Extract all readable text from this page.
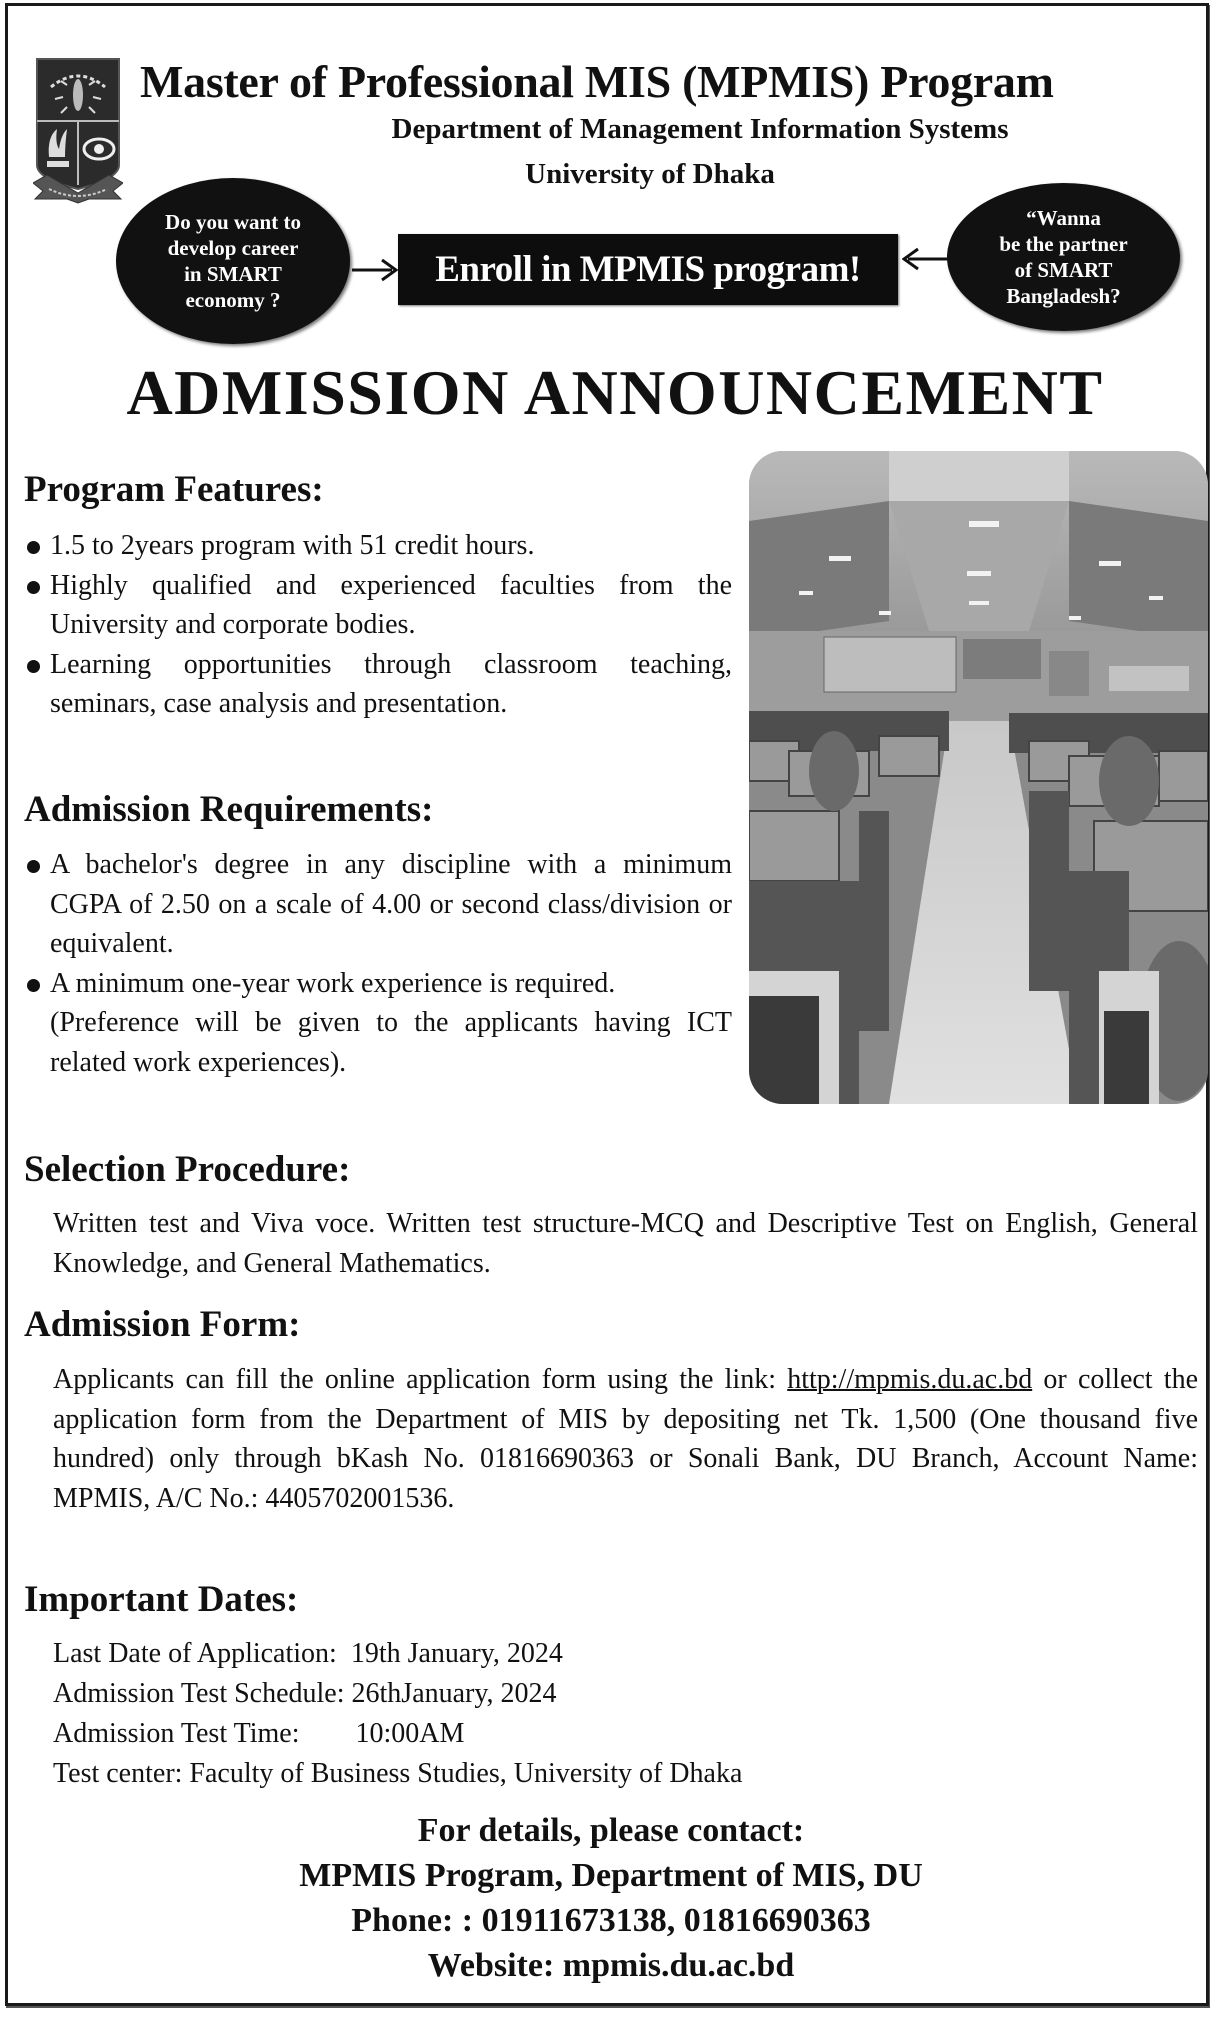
Master of Professional MIS (MPMIS) Program
Department of Management Information Systems
University of Dhaka
Do you want to
develop career
in SMART
economy ?
Enroll in MPMIS program!
“Wanna
be the partner
of SMART
Bangladesh?
ADMISSION ANNOUNCEMENT
Program Features:
1.5 to 2years program with 51 credit hours.
Highly qualified and experienced faculties from the University and corporate bodies.
Learning opportunities through classroom teaching, seminars, case analysis and presentation.
Admission Requirements:
A bachelor's degree in any discipline with a minimum CGPA of 2.50 on a scale of 4.00 or second class/division or equivalent.
A minimum one-year work experience is required.
(Preference will be given to the applicants having ICT related work experiences).
Selection Procedure:
Written test and Viva voce. Written test structure-MCQ and Descriptive Test on English, General Knowledge, and General Mathematics.
Admission Form:
Applicants can fill the online application form using the link: http://mpmis.du.ac.bd or collect the application form from the Department of MIS by depositing net Tk. 1,500 (One thousand five hundred) only through bKash No. 01816690363 or Sonali Bank, DU Branch, Account Name: MPMIS, A/C No.: 4405702001536.
Important Dates:
Last Date of Application: 19th January, 2024
Admission Test Schedule: 26thJanuary, 2024
Admission Test Time: 10:00AM
Test center: Faculty of Business Studies, University of Dhaka
For details, please contact:
MPMIS Program, Department of MIS, DU
Phone: : 01911673138, 01816690363
Website: mpmis.du.ac.bd
